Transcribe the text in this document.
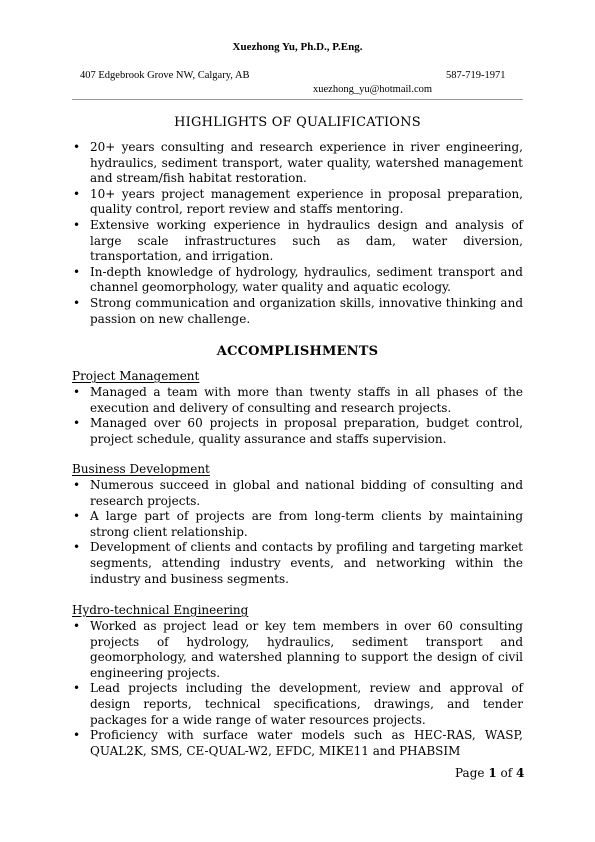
Xuezhong Yu, Ph.D., P.Eng.
407 Edgebrook Grove NW, Calgary, AB	587-719-1971
xuezhong_yu@hotmail.com
HIGHLIGHTS OF QUALIFICATIONS
• 20+ years consulting and research experience in river engineering, hydraulics, sediment transport, water quality, watershed management and stream/fish habitat restoration.
• 10+ years project management experience in proposal preparation, quality control, report review and staffs mentoring.
• Extensive working experience in hydraulics design and analysis of large scale infrastructures such as dam, water diversion, transportation, and irrigation.
• In-depth knowledge of hydrology, hydraulics, sediment transport and channel geomorphology, water quality and aquatic ecology.
• Strong communication and organization skills, innovative thinking and passion on new challenge.
ACCOMPLISHMENTS
Project Management
• Managed a team with more than twenty staffs in all phases of the execution and delivery of consulting and research projects.
• Managed over 60 projects in proposal preparation, budget control, project schedule, quality assurance and staffs supervision.
Business Development
• Numerous succeed in global and national bidding of consulting and research projects.
• A large part of projects are from long-term clients by maintaining strong client relationship.
• Development of clients and contacts by profiling and targeting market segments, attending industry events, and networking within the industry and business segments.
Hydro-technical Engineering
• Worked as project lead or key tem members in over 60 consulting projects of hydrology, hydraulics, sediment transport and geomorphology, and watershed planning to support the design of civil engineering projects.
• Lead projects including the development, review and approval of design reports, technical specifications, drawings, and tender packages for a wide range of water resources projects.
• Proficiency with surface water models such as HEC-RAS, WASP, QUAL2K, SMS, CE-QUAL-W2, EFDC, MIKE11 and PHABSIM
Page 1 of 4
